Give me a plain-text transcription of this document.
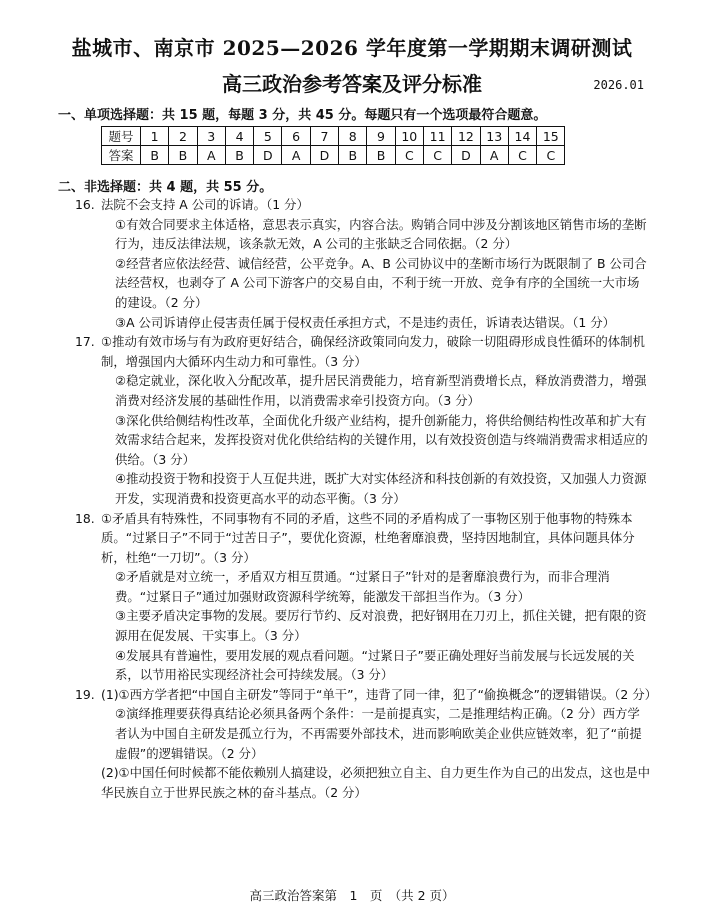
盐城市、南京市 2025—2026 学年度第一学期期末调研测试
高三政治参考答案及评分标准	2026.01
一、单项选择题：共 15 题，每题 3 分，共 45 分。每题只有一个选项最符合题意。
题号	1	2	3	4	5	6	7	8	9	10	11	12	13	14	15
答案	B	B	A	B	D	A	D	B	B	C	C	D	A	C	C
二、非选择题：共 4 题，共 55 分。
16. 法院不会支持 A 公司的诉请。（1 分）

①有效合同要求主体适格，意思表示真实，内容合法。购销合同中涉及分割该地区销售市场的垄断行为，违反法律法规，该条款无效，A 公司的主张缺乏合同依据。（2 分）

②经营者应依法经营、诚信经营，公平竞争。A、B 公司协议中的垄断市场行为既限制了 B 公司合法经营权，也剥夺了 A 公司下游客户的交易自由，不利于统一开放、竞争有序的全国统一大市场的建设。（2 分）

③A 公司诉请停止侵害责任属于侵权责任承担方式，不是违约责任，诉请表达错误。（1 分）

17. ①推动有效市场与有为政府更好结合，确保经济政策同向发力，破除一切阻碍形成良性循环的体制机制，增强国内大循环内生动力和可靠性。（3 分）

②稳定就业，深化收入分配改革，提升居民消费能力，培育新型消费增长点，释放消费潜力，增强消费对经济发展的基础性作用，以消费需求牵引投资方向。（3 分）

③深化供给侧结构性改革，全面优化升级产业结构，提升创新能力，将供给侧结构性改革和扩大有效需求结合起来，发挥投资对优化供给结构的关键作用，以有效投资创造与终端消费需求相适应的供给。（3 分）

④推动投资于物和投资于人互促共进，既扩大对实体经济和科技创新的有效投资，又加强人力资源开发，实现消费和投资更高水平的动态平衡。（3 分）

18. ①矛盾具有特殊性，不同事物有不同的矛盾，这些不同的矛盾构成了一事物区别于他事物的特殊本质。“过紧日子”不同于“过苦日子”，要优化资源，杜绝奢靡浪费，坚持因地制宜，具体问题具体分析，杜绝“一刀切”。（3 分）

②矛盾就是对立统一，矛盾双方相互贯通。“过紧日子”针对的是奢靡浪费行为，而非合理消费。“过紧日子”通过加强财政资源科学统筹，能激发干部担当作为。（3 分）

③主要矛盾决定事物的发展。要厉行节约、反对浪费，把好钢用在刀刃上，抓住关键，把有限的资源用在促发展、干实事上。（3 分）

④发展具有普遍性，要用发展的观点看问题。“过紧日子”要正确处理好当前发展与长远发展的关系，以节用裕民实现经济社会可持续发展。（3 分）

19. (1)①西方学者把“中国自主研发”等同于“单干”，违背了同一律，犯了“偷换概念”的逻辑错误。（2 分）

②演绎推理要获得真结论必须具备两个条件：一是前提真实，二是推理结构正确。（2 分）西方学者认为中国自主研发是孤立行为，不再需要外部技术，进而影响欧美企业供应链效率，犯了“前提虚假”的逻辑错误。（2 分）

(2)①中国任何时候都不能依赖别人搞建设，必须把独立自主、自力更生作为自己的出发点，这也是中华民族自立于世界民族之林的奋斗基点。（2 分）

高三政治答案第　1　页　（共 2 页）
